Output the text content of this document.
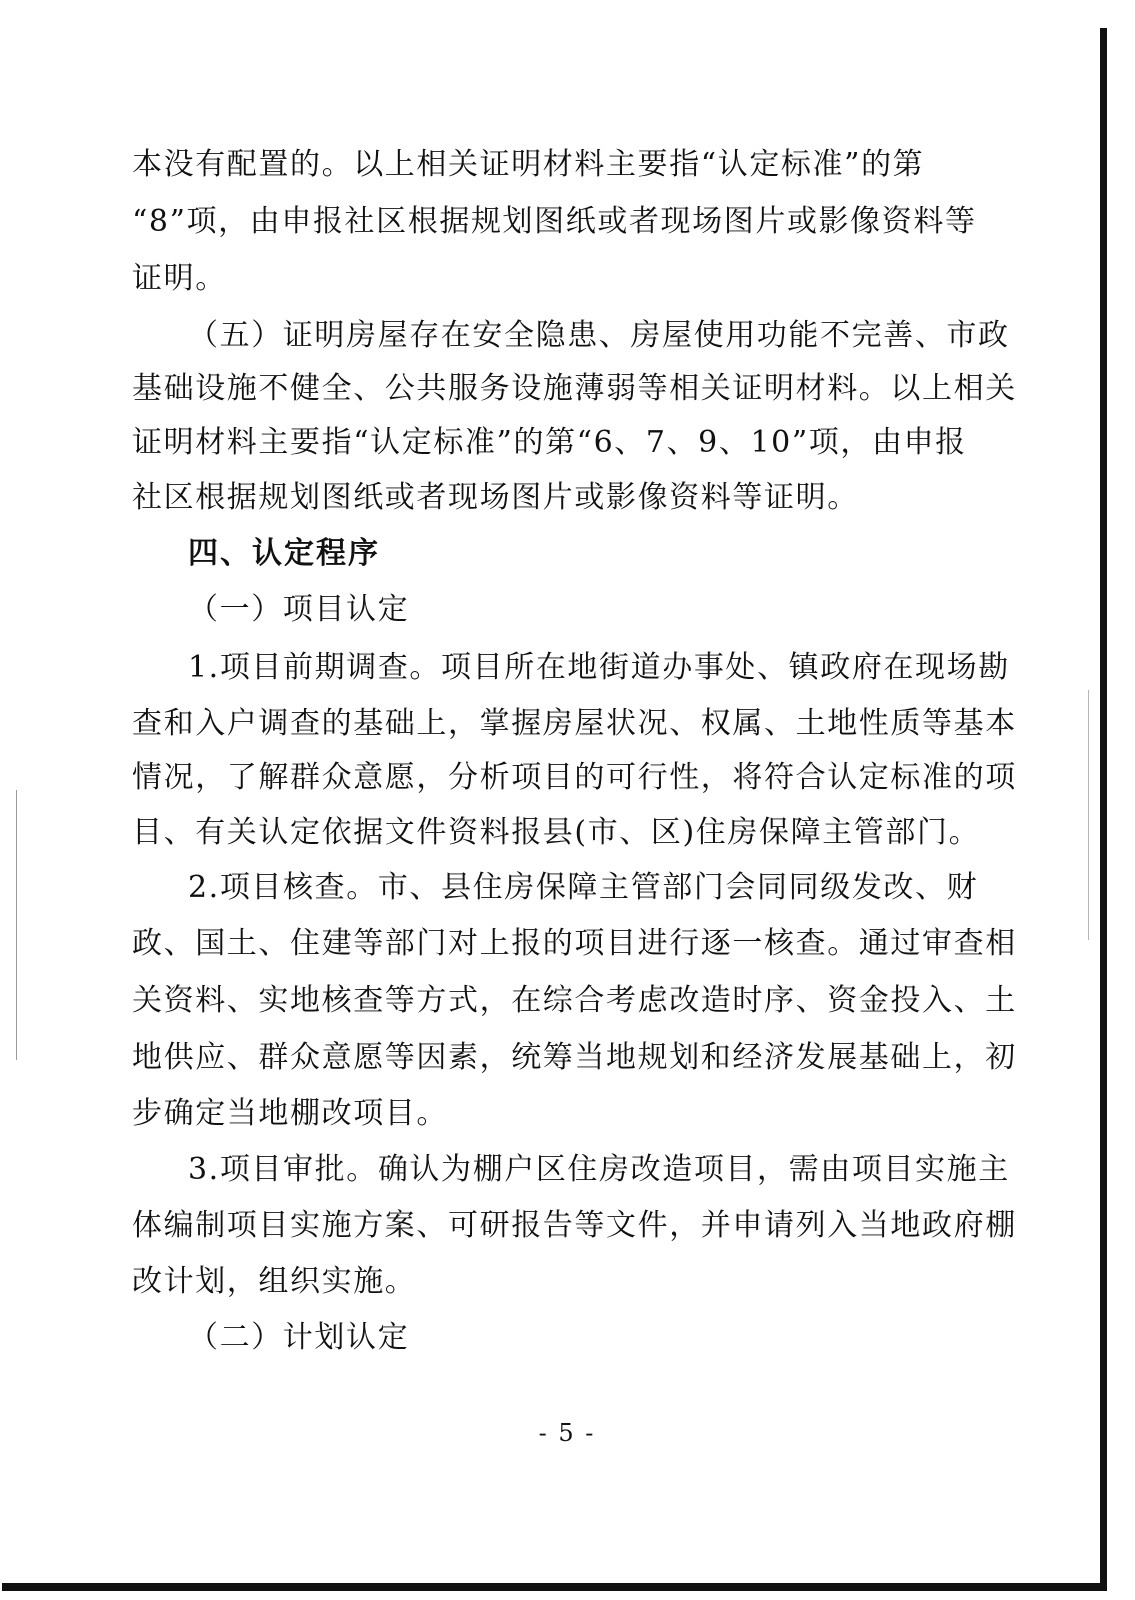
本没有配置的。以上相关证明材料主要指“认定标准”的第
“8”项，由申报社区根据规划图纸或者现场图片或影像资料等
证明。
（五）证明房屋存在安全隐患、房屋使用功能不完善、市政
基础设施不健全、公共服务设施薄弱等相关证明材料。以上相关
证明材料主要指“认定标准”的第“6、7、9、10”项，由申报
社区根据规划图纸或者现场图片或影像资料等证明。
四、认定程序
（一）项目认定
1.项目前期调查。项目所在地街道办事处、镇政府在现场勘
查和入户调查的基础上，掌握房屋状况、权属、土地性质等基本
情况，了解群众意愿，分析项目的可行性，将符合认定标准的项
目、有关认定依据文件资料报县(市、区)住房保障主管部门。
2.项目核查。市、县住房保障主管部门会同同级发改、财
政、国土、住建等部门对上报的项目进行逐一核查。通过审查相
关资料、实地核查等方式，在综合考虑改造时序、资金投入、土
地供应、群众意愿等因素，统筹当地规划和经济发展基础上，初
步确定当地棚改项目。
3.项目审批。确认为棚户区住房改造项目，需由项目实施主
体编制项目实施方案、可研报告等文件，并申请列入当地政府棚
改计划，组织实施。
（二）计划认定
- 5 -
